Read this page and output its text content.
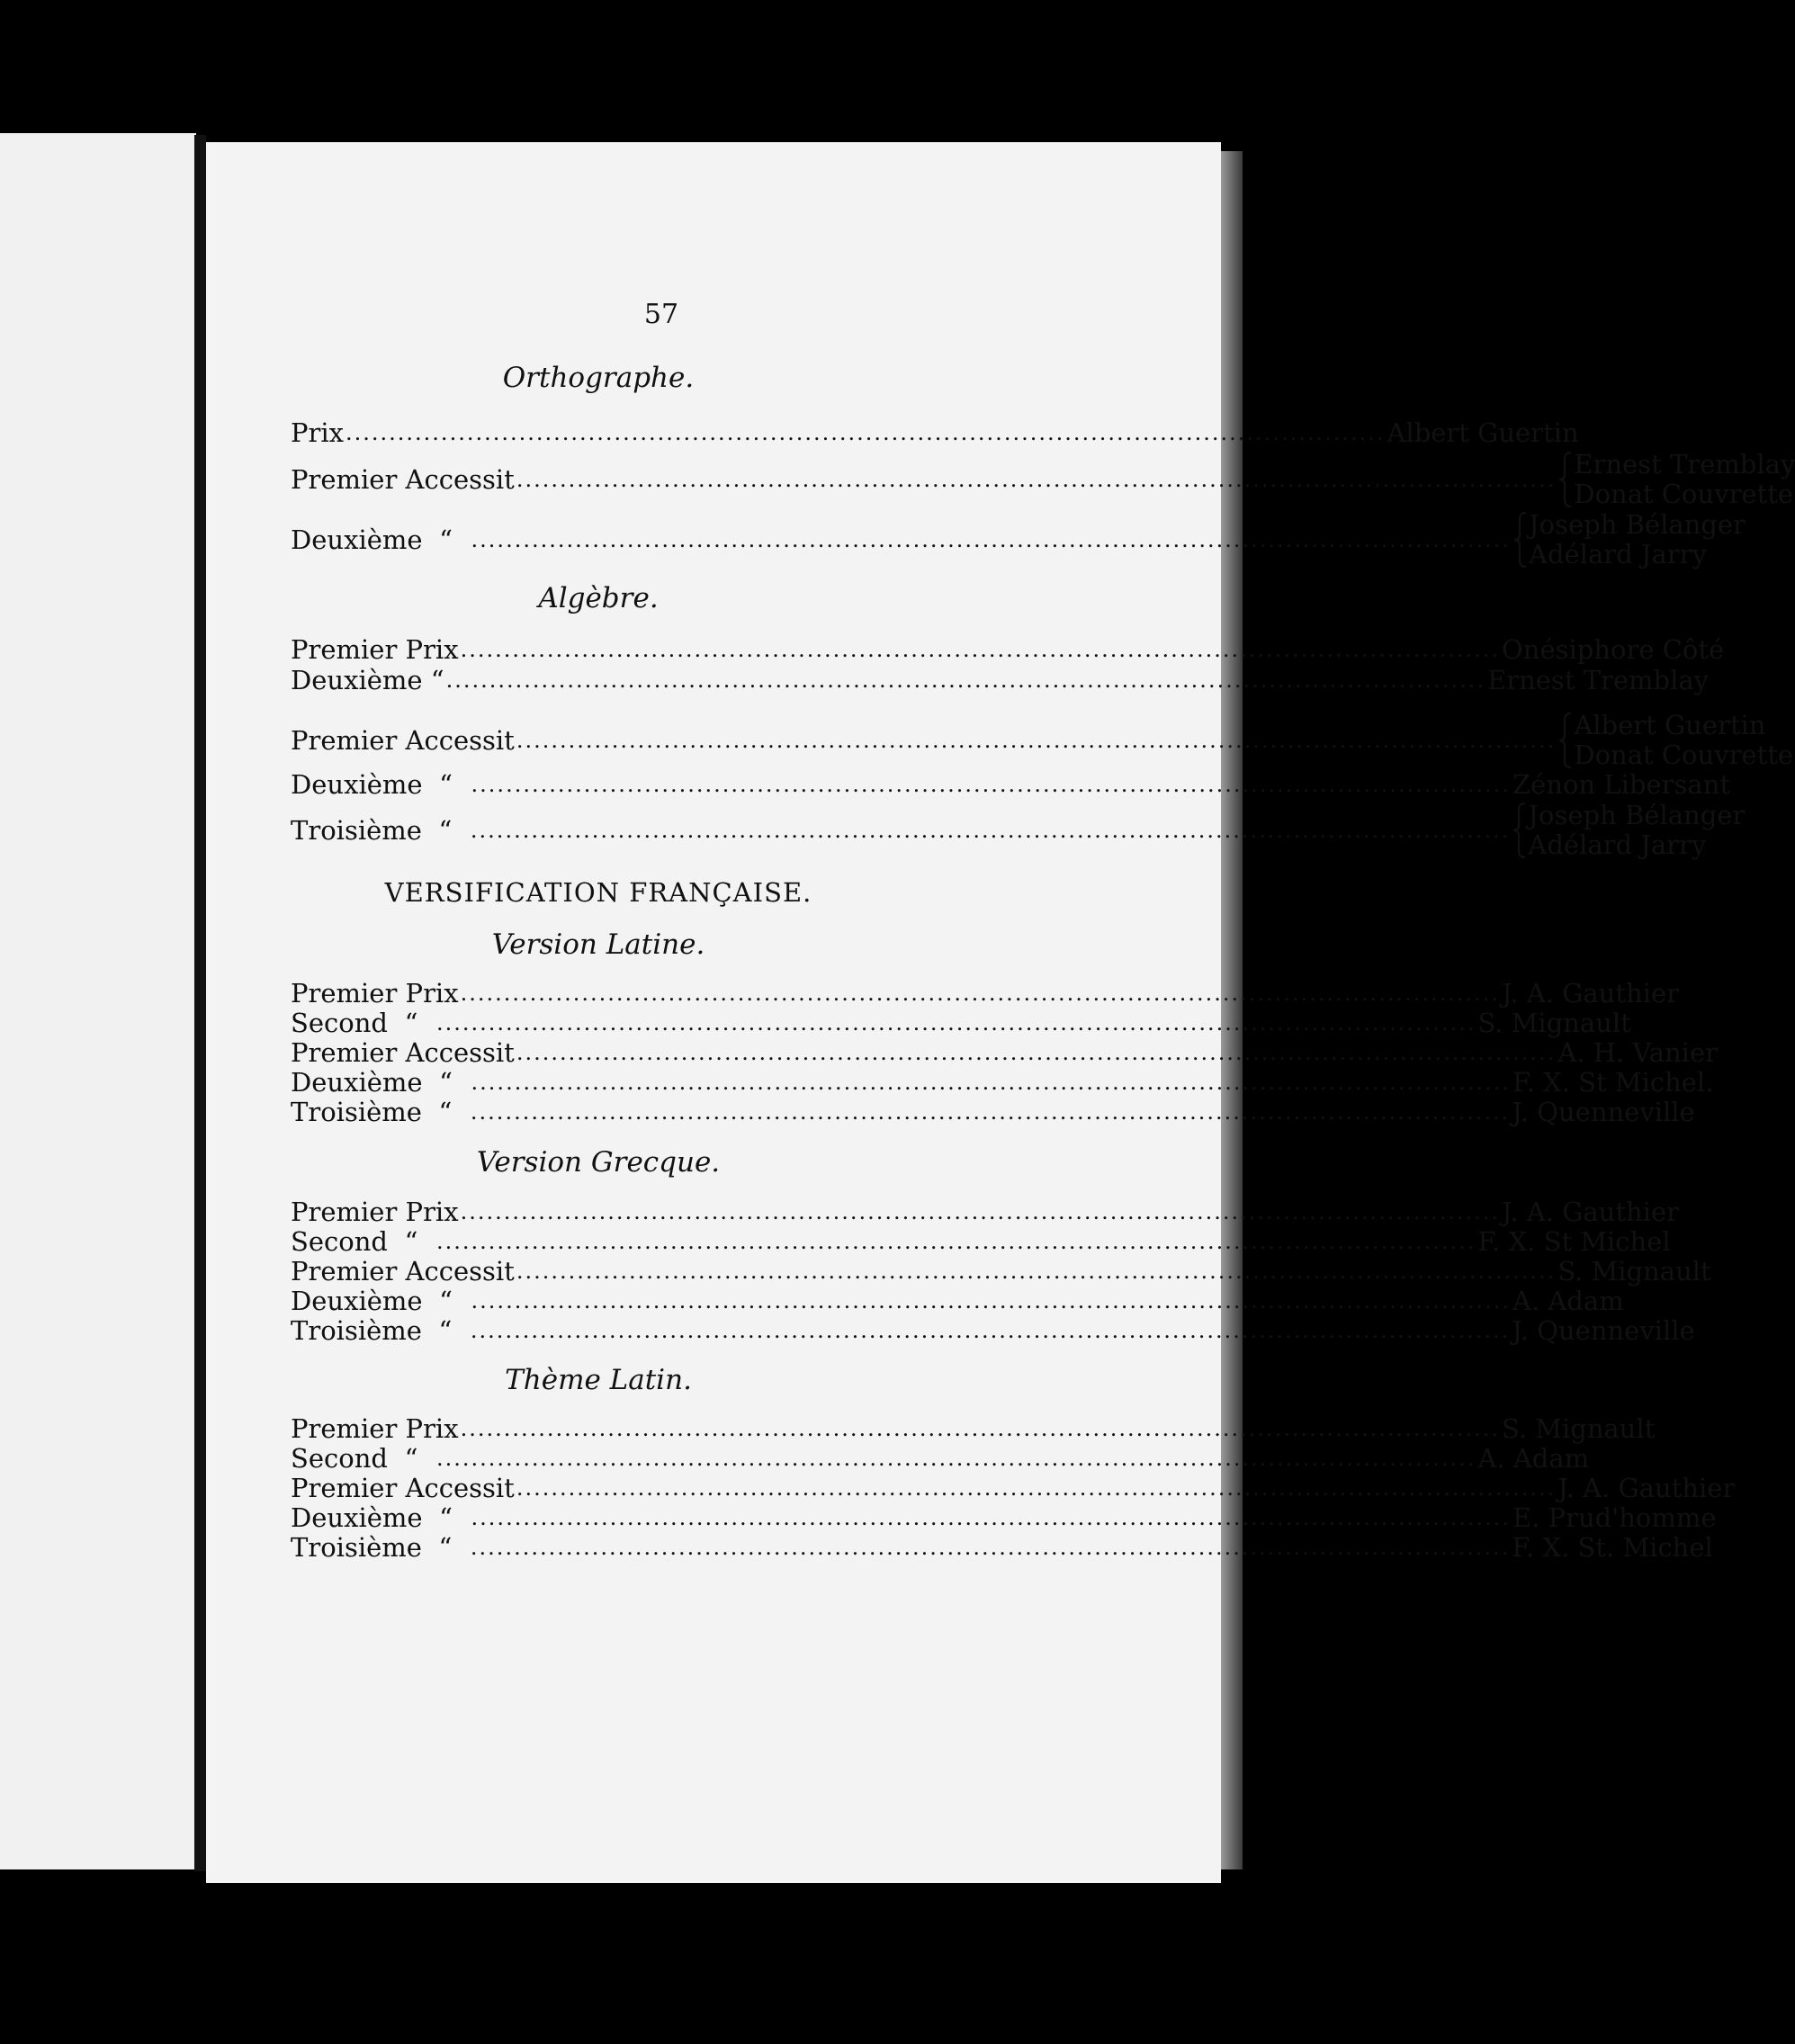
57
Orthographe.
Prix ........................................................................................................................ Albert Guertin
Premier Accessit ........................................................................................................................ Ernest Tremblay
Donat Couvrette
Deuxième “ ........................................................................................................................ Joseph Bélanger
Adélard Jarry
Algèbre.
Premier Prix ........................................................................................................................ Onésiphore Côté
Deuxième “ ........................................................................................................................ Ernest Tremblay
Premier Accessit ........................................................................................................................ Albert Guertin
Donat Couvrette
Deuxième “ ........................................................................................................................ Zénon Libersant
Troisième “ ........................................................................................................................ Joseph Bélanger
Adélard Jarry
VERSIFICATION FRANÇAISE.
Version Latine.
Premier Prix ........................................................................................................................ J. A. Gauthier
Second “ ........................................................................................................................ S. Mignault
Premier Accessit ........................................................................................................................ A. H. Vanier
Deuxième “ ........................................................................................................................ F. X. St Michel.
Troisième “ ........................................................................................................................ J. Quenneville
Version Grecque.
Premier Prix ........................................................................................................................ J. A. Gauthier
Second “ ........................................................................................................................ F. X. St Michel
Premier Accessit ........................................................................................................................ S. Mignault
Deuxième “ ........................................................................................................................ A. Adam
Troisième “ ........................................................................................................................ J. Quenneville
Thème Latin.
Premier Prix ........................................................................................................................ S. Mignault
Second “ ........................................................................................................................ A. Adam
Premier Accessit ........................................................................................................................ J. A. Gauthier
Deuxième “ ........................................................................................................................ E. Prud'homme
Troisième “ ........................................................................................................................ F. X. St. Michel
